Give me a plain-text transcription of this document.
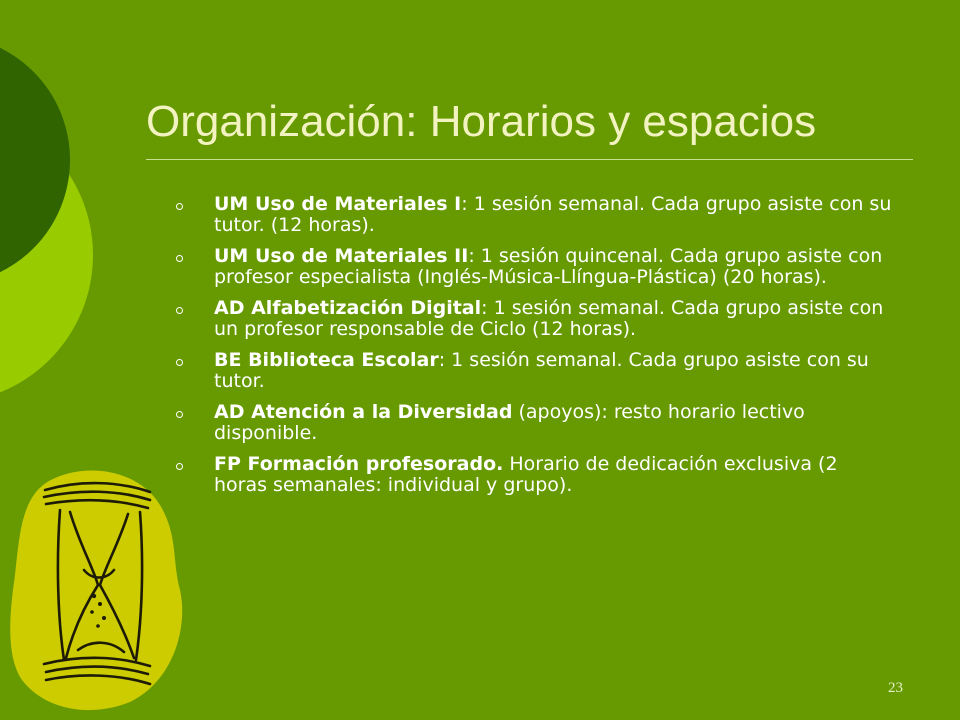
Organización: Horarios y espacios
UM Uso de Materiales I: 1 sesión semanal. Cada grupo asiste con su tutor. (12 horas).
UM Uso de Materiales II: 1 sesión quincenal. Cada grupo asiste con profesor especialista (Inglés-Música-Llíngua-Plástica) (20 horas).
AD Alfabetización Digital: 1 sesión semanal. Cada grupo asiste con un profesor responsable de Ciclo (12 horas).
BE Biblioteca Escolar: 1 sesión semanal. Cada grupo asiste con su tutor.
AD Atención a la Diversidad (apoyos): resto horario lectivo disponible.
FP Formación profesorado. Horario de dedicación exclusiva (2 horas semanales: individual y grupo).
23
